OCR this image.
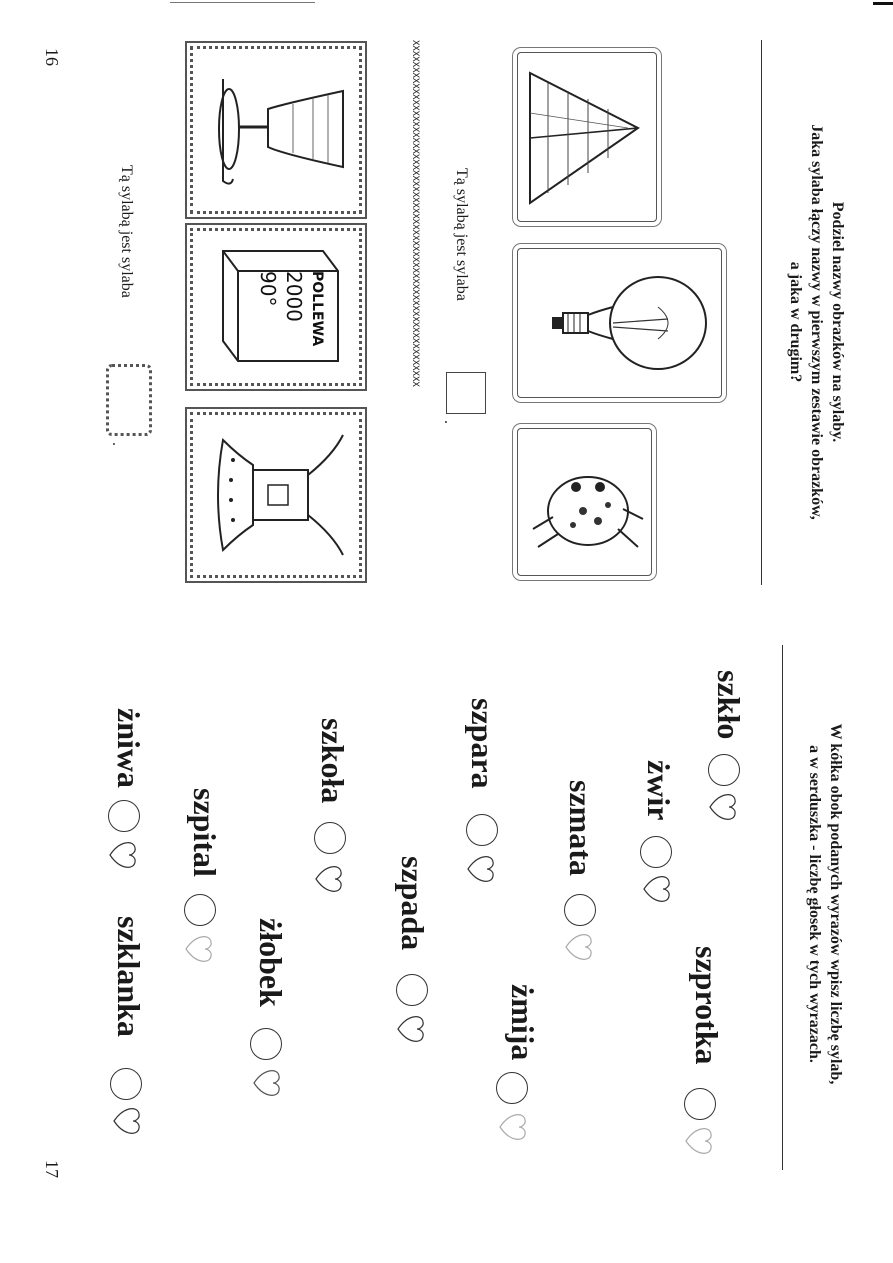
16
Podziel nazwy obrazków na sylaby.
Jaka sylaba łączy nazwy w pierwszym zestawie obrazków,
a jaka w drugim?
Tą sylabą jest sylaba
.
XXXXXXXXXXXXXXXXXXXXXXXXXXXXXXXXXXXXXXXXXXXXXXXXXXXXXXXXXXXXXXXX
POLLEWA
2000
90°
Tą sylabą jest sylaba
.
W kółka obok podanych wyrazów wpisz liczbę sylab,
a w serduszka - liczbę głosek w tych wyrazach.
17
szkło
szprotka
żwir
szmata
żmija
szpara
szpada
szkoła
żłobek
szpital
żniwa
szklanka
